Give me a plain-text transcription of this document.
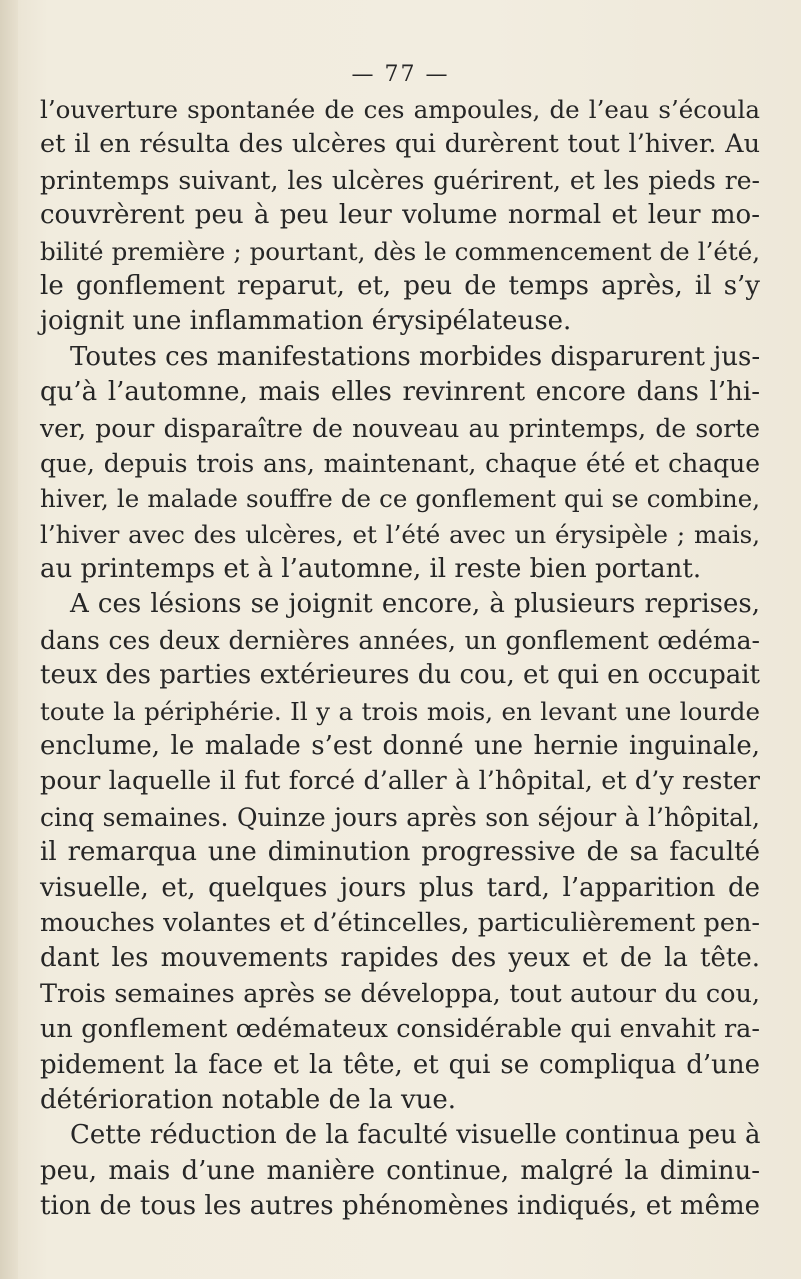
— 77 —
l’ouverture spontanée de ces ampoules, de l’eau s’écoula
et il en résulta des ulcères qui durèrent tout l’hiver. Au
printemps suivant, les ulcères guérirent, et les pieds re-
couvrèrent peu à peu leur volume normal et leur mo-
bilité première ; pourtant, dès le commencement de l’été,
le gonflement reparut, et, peu de temps après, il s’y
joignit une inflammation érysipélateuse.
Toutes ces manifestations morbides disparurent jus-
qu’à l’automne, mais elles revinrent encore dans l’hi-
ver, pour disparaître de nouveau au printemps, de sorte
que, depuis trois ans, maintenant, chaque été et chaque
hiver, le malade souffre de ce gonflement qui se combine,
l’hiver avec des ulcères, et l’été avec un érysipèle ; mais,
au printemps et à l’automne, il reste bien portant.
A ces lésions se joignit encore, à plusieurs reprises,
dans ces deux dernières années, un gonflement œdéma-
teux des parties extérieures du cou, et qui en occupait
toute la périphérie. Il y a trois mois, en levant une lourde
enclume, le malade s’est donné une hernie inguinale,
pour laquelle il fut forcé d’aller à l’hôpital, et d’y rester
cinq semaines. Quinze jours après son séjour à l’hôpital,
il remarqua une diminution progressive de sa faculté
visuelle, et, quelques jours plus tard, l’apparition de
mouches volantes et d’étincelles, particulièrement pen-
dant les mouvements rapides des yeux et de la tête.
Trois semaines après se développa, tout autour du cou,
un gonflement œdémateux considérable qui envahit ra-
pidement la face et la tête, et qui se compliqua d’une
détérioration notable de la vue.
Cette réduction de la faculté visuelle continua peu à
peu, mais d’une manière continue, malgré la diminu-
tion de tous les autres phénomènes indiqués, et même
